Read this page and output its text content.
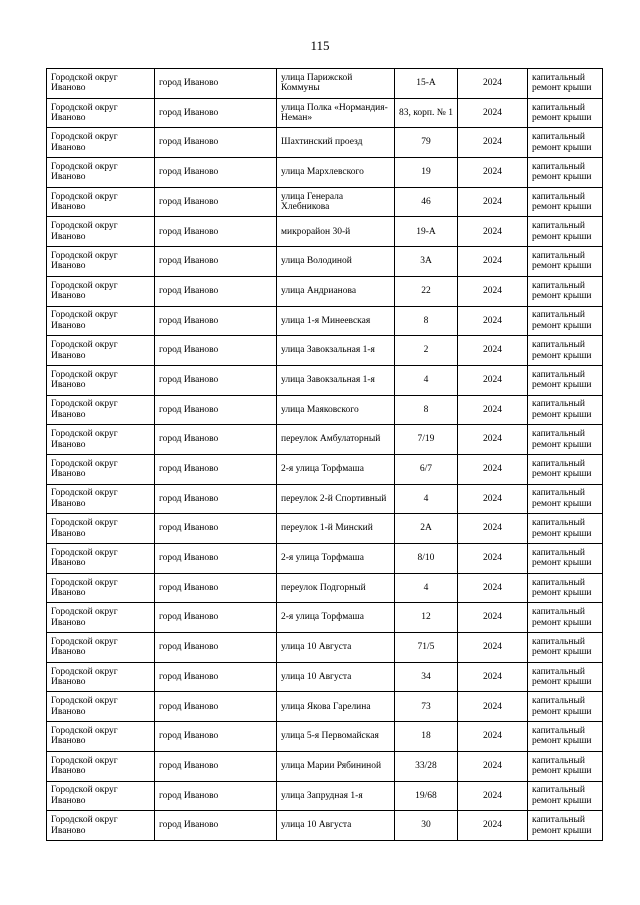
115
Городской округ Иваново	город Иваново	улица Парижской Коммуны	15-А	2024	капитальный ремонт крыши
Городской округ Иваново	город Иваново	улица Полка «Нормандия-Неман»	83, корп. № 1	2024	капитальный ремонт крыши
Городской округ Иваново	город Иваново	Шахтинский проезд	79	2024	капитальный ремонт крыши
Городской округ Иваново	город Иваново	улица Мархлевского	19	2024	капитальный ремонт крыши
Городской округ Иваново	город Иваново	улица Генерала Хлебникова	46	2024	капитальный ремонт крыши
Городской округ Иваново	город Иваново	микрорайон 30-й	19-А	2024	капитальный ремонт крыши
Городской округ Иваново	город Иваново	улица Володиной	3А	2024	капитальный ремонт крыши
Городской округ Иваново	город Иваново	улица Андрианова	22	2024	капитальный ремонт крыши
Городской округ Иваново	город Иваново	улица 1-я Минеевская	8	2024	капитальный ремонт крыши
Городской округ Иваново	город Иваново	улица Завокзальная 1-я	2	2024	капитальный ремонт крыши
Городской округ Иваново	город Иваново	улица Завокзальная 1-я	4	2024	капитальный ремонт крыши
Городской округ Иваново	город Иваново	улица Маяковского	8	2024	капитальный ремонт крыши
Городской округ Иваново	город Иваново	переулок Амбулаторный	7/19	2024	капитальный ремонт крыши
Городской округ Иваново	город Иваново	2-я улица Торфмаша	6/7	2024	капитальный ремонт крыши
Городской округ Иваново	город Иваново	переулок 2-й Спортивный	4	2024	капитальный ремонт крыши
Городской округ Иваново	город Иваново	переулок 1-й Минский	2А	2024	капитальный ремонт крыши
Городской округ Иваново	город Иваново	2-я улица Торфмаша	8/10	2024	капитальный ремонт крыши
Городской округ Иваново	город Иваново	переулок Подгорный	4	2024	капитальный ремонт крыши
Городской округ Иваново	город Иваново	2-я улица Торфмаша	12	2024	капитальный ремонт крыши
Городской округ Иваново	город Иваново	улица 10 Августа	71/5	2024	капитальный ремонт крыши
Городской округ Иваново	город Иваново	улица 10 Августа	34	2024	капитальный ремонт крыши
Городской округ Иваново	город Иваново	улица Якова Гарелина	73	2024	капитальный ремонт крыши
Городской округ Иваново	город Иваново	улица 5-я Первомайская	18	2024	капитальный ремонт крыши
Городской округ Иваново	город Иваново	улица Марии Рябининой	33/28	2024	капитальный ремонт крыши
Городской округ Иваново	город Иваново	улица Запрудная 1-я	19/68	2024	капитальный ремонт крыши
Городской округ Иваново	город Иваново	улица 10 Августа	30	2024	капитальный ремонт крыши
